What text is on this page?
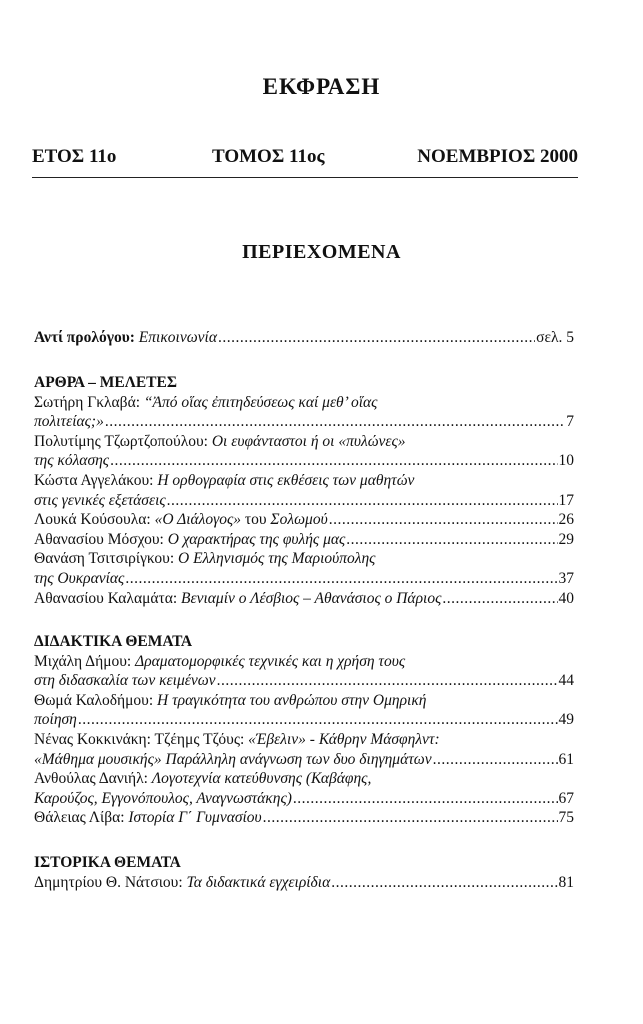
ΕΚΦΡΑΣΗ
ΕΤΟΣ 11ο	ΤΟΜΟΣ 11ος	ΝΟΕΜΒΡΙΟΣ 2000
ΠΕΡΙΕΧΟΜΕΝΑ
Αντί προλόγου:
Επικοινωνία .....	σελ. 5
ΑΡΘΡΑ – ΜΕΛΕΤΕΣ
Σωτήρη Γκλαβά:
“Ἀπό οἵας ἐπιτηδεύσεως καί μεθ’ οἵας
πολιτείας;» .....	7
Πολυτίμης Τζωρτζοπούλου:
Οι ευφάνταστοι ή οι «πυλώνες»
της κόλασης .....	10
Κώστα Αγγελάκου:
Η ορθογραφία στις εκθέσεις των μαθητών
στις γενικές εξετάσεις .....	17
Λουκά Κούσουλα:
«Ο Διάλογος» του Σολωμού .....	26
Αθανασίου Μόσχου:
Ο χαρακτήρας της φυλής μας .....	29
Θανάση Τσιτσιρίγκου:
Ο Ελληνισμός της Μαριούπολης
της Ουκρανίας .....	37
Αθανασίου Καλαμάτα:
Βενιαμίν ο Λέσβιος – Αθανάσιος ο Πάριος .....	40
ΔΙΔΑΚΤΙΚΑ ΘΕΜΑΤΑ
Μιχάλη Δήμου:
Δραματομορφικές τεχνικές και η χρήση τους
στη διδασκαλία των κειμένων .....	44
Θωμά Καλοδήμου:
Η τραγικότητα του ανθρώπου στην Ομηρική
ποίηση .....	49
Νένας Κοκκινάκη: Τζέημς Τζόυς: «Έβελιν» - Κάθρην Μάσφηλντ:
«Μάθημα μουσικής» Παράλληλη ανάγνωση των δυο διηγημάτων .....	61
Ανθούλας Δανιήλ:
Λογοτεχνία κατεύθυνσης (Καβάφης,
Καρούζος, Εγγονόπουλος, Αναγνωστάκης) .....	67
Θάλειας Λίβα:
Ιστορία Γ΄ Γυμνασίου .....	75
ΙΣΤΟΡΙΚΑ ΘΕΜΑΤΑ
Δημητρίου Θ. Νάτσιου:
Τα διδακτικά εγχειρίδια .....	81
